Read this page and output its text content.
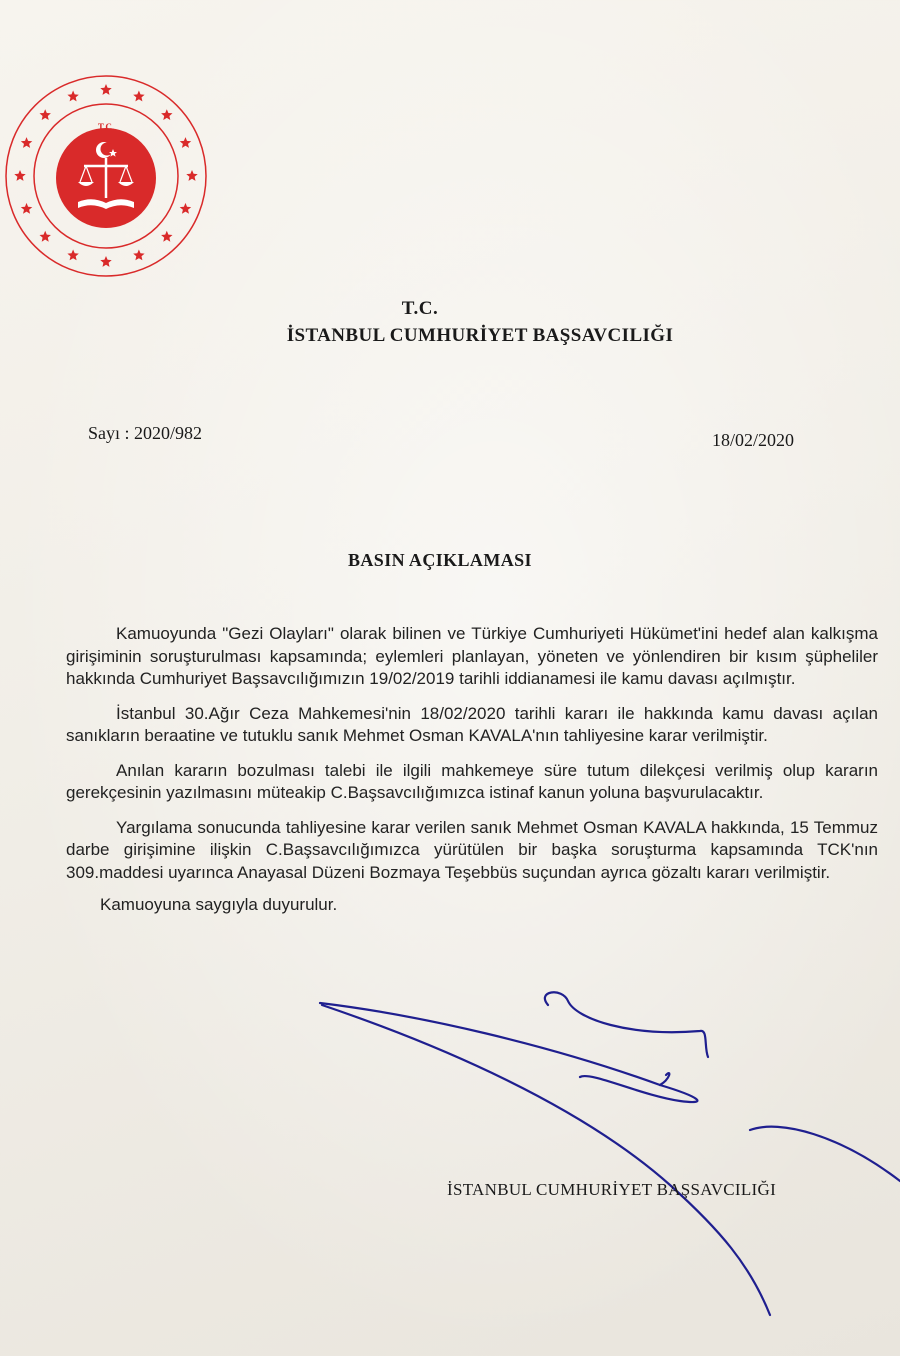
T.C.
T.C.
İSTANBUL CUMHURİYET BAŞSAVCILIĞI
Sayı : 2020/982	18/02/2020
BASIN AÇIKLAMASI

Kamuoyunda "Gezi Olayları" olarak bilinen ve Türkiye Cumhuriyeti Hükümet'ini hedef alan kalkışma girişiminin soruşturulması kapsamında; eylemleri planlayan, yöneten ve yönlendiren bir kısım şüpheliler hakkında Cumhuriyet Başsavcılığımızın 19/02/2019 tarihli iddianamesi ile kamu davası açılmıştır.

İstanbul 30.Ağır Ceza Mahkemesi'nin 18/02/2020 tarihli kararı ile hakkında kamu davası açılan sanıkların beraatine ve tutuklu sanık Mehmet Osman KAVALA'nın tahliyesine karar verilmiştir.

Anılan kararın bozulması talebi ile ilgili mahkemeye süre tutum dilekçesi verilmiş olup kararın gerekçesinin yazılmasını müteakip C.Başsavcılığımızca istinaf kanun yoluna başvurulacaktır.

Yargılama sonucunda tahliyesine karar verilen sanık Mehmet Osman KAVALA hakkında, 15 Temmuz darbe girişimine ilişkin C.Başsavcılığımızca yürütülen bir başka soruşturma kapsamında TCK'nın 309.maddesi uyarınca Anayasal Düzeni Bozmaya Teşebbüs suçundan ayrıca gözaltı kararı verilmiştir.

Kamuoyuna saygıyla duyurulur.

İSTANBUL CUMHURİYET BAŞSAVCILIĞI
